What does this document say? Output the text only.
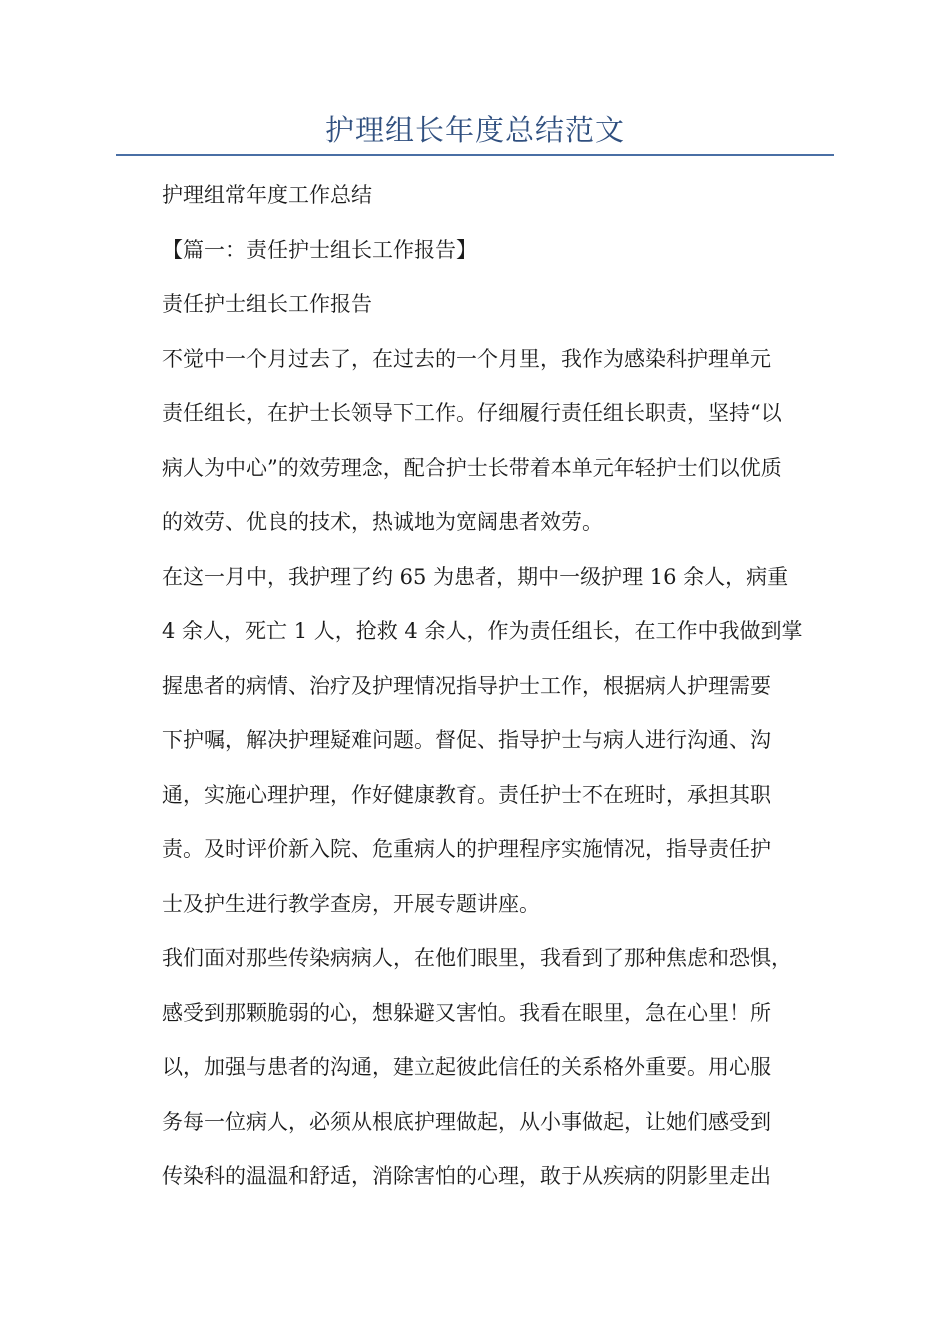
护理组长年度总结范文
护理组常年度工作总结
【篇一：责任护士组长工作报告】
责任护士组长工作报告
不觉中一个月过去了，在过去的一个月里，我作为感染科护理单元
责任组长，在护士长领导下工作。仔细履行责任组长职责，坚持“以
病人为中心”的效劳理念，配合护士长带着本单元年轻护士们以优质
的效劳、优良的技术，热诚地为宽阔患者效劳。
在这一月中，我护理了约 65 为患者，期中一级护理 16 余人，病重
4 余人，死亡 1 人，抢救 4 余人，作为责任组长，在工作中我做到掌
握患者的病情、治疗及护理情况指导护士工作，根据病人护理需要
下护嘱，解决护理疑难问题。督促、指导护士与病人进行沟通、沟
通，实施心理护理，作好健康教育。责任护士不在班时，承担其职
责。及时评价新入院、危重病人的护理程序实施情况，指导责任护
士及护生进行教学查房，开展专题讲座。
我们面对那些传染病病人，在他们眼里，我看到了那种焦虑和恐惧，
感受到那颗脆弱的心，想躲避又害怕。我看在眼里，急在心里！所
以，加强与患者的沟通，建立起彼此信任的关系格外重要。用心服
务每一位病人，必须从根底护理做起，从小事做起，让她们感受到
传染科的温温和舒适，消除害怕的心理，敢于从疾病的阴影里走出
